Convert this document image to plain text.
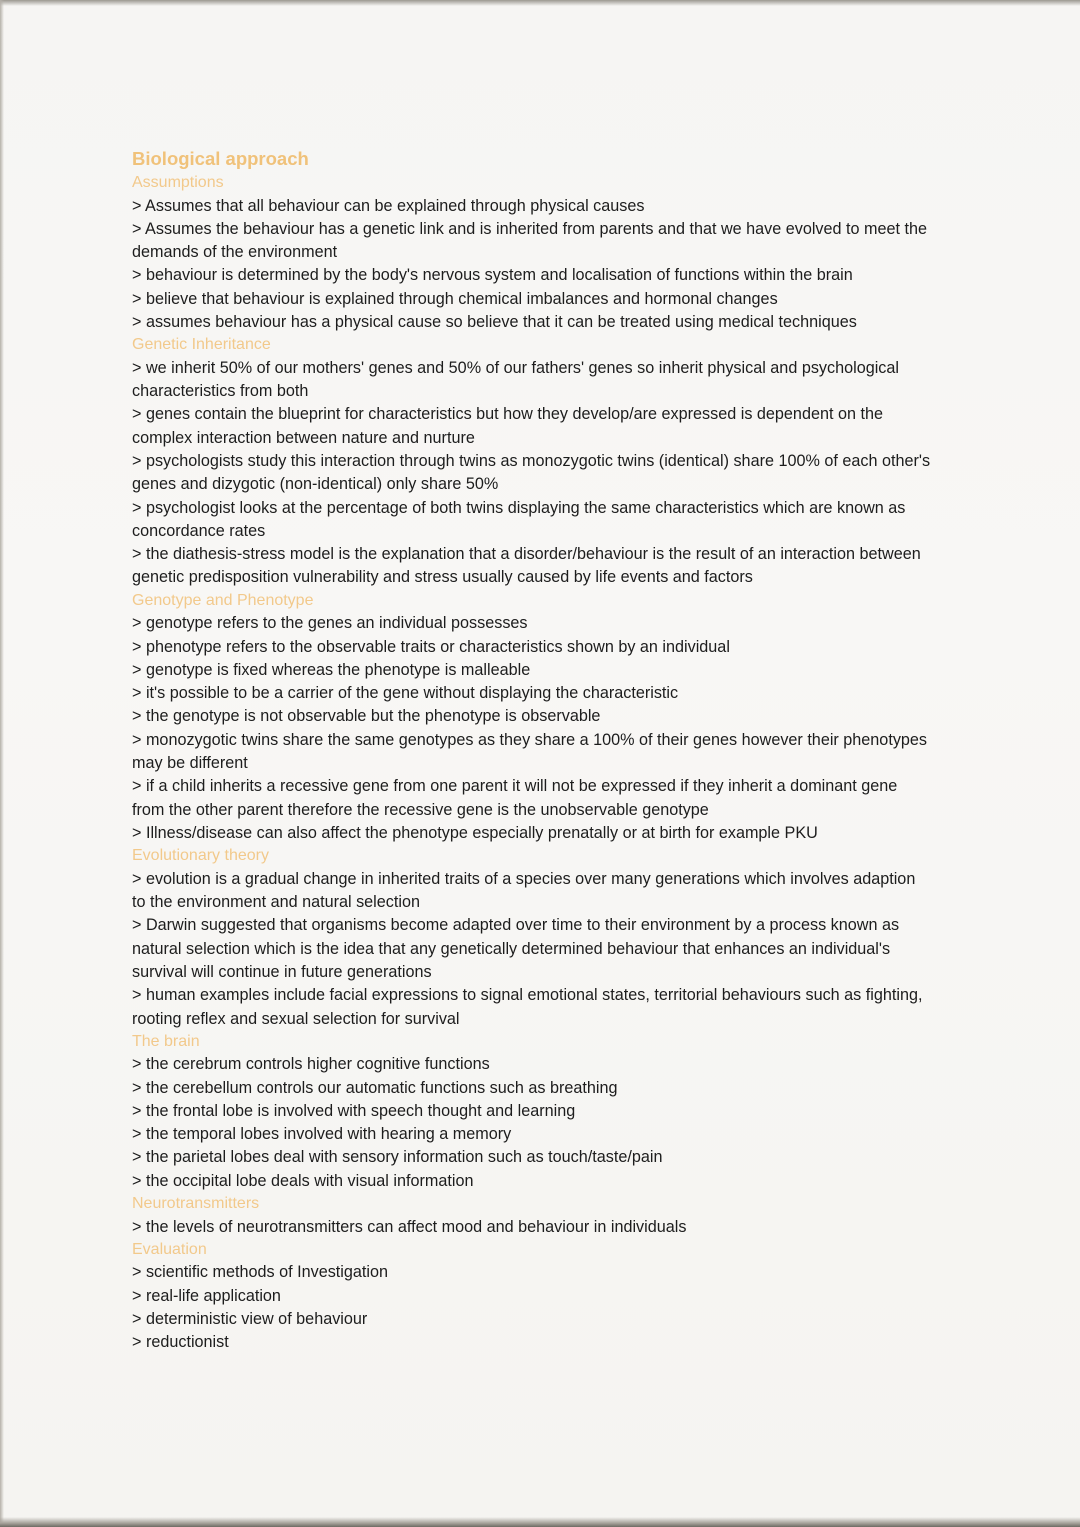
Biological approach
Assumptions

> Assumes that all behaviour can be explained through physical causes

> Assumes the behaviour has a genetic link and is inherited from parents and that we have evolved to meet the demands of the environment

> behaviour is determined by the body's nervous system and localisation of functions within the brain

> believe that behaviour is explained through chemical imbalances and hormonal changes

> assumes behaviour has a physical cause so believe that it can be treated using medical techniques

Genetic Inheritance

> we inherit 50% of our mothers' genes and 50% of our fathers' genes so inherit physical and psychological characteristics from both

> genes contain the blueprint for characteristics but how they develop/are expressed is dependent on the complex interaction between nature and nurture

> psychologists study this interaction through twins as monozygotic twins (identical) share 100% of each other's genes and dizygotic (non-identical) only share 50%

> psychologist looks at the percentage of both twins displaying the same characteristics which are known as concordance rates

> the diathesis-stress model is the explanation that a disorder/behaviour is the result of an interaction between genetic predisposition vulnerability and stress usually caused by life events and factors

Genotype and Phenotype

> genotype refers to the genes an individual possesses

> phenotype refers to the observable traits or characteristics shown by an individual

> genotype is fixed whereas the phenotype is malleable

> it's possible to be a carrier of the gene without displaying the characteristic

> the genotype is not observable but the phenotype is observable

> monozygotic twins share the same genotypes as they share a 100% of their genes however their phenotypes may be different

> if a child inherits a recessive gene from one parent it will not be expressed if they inherit a dominant gene from the other parent therefore the recessive gene is the unobservable genotype

> Illness/disease can also affect the phenotype especially prenatally or at birth for example PKU

Evolutionary theory

> evolution is a gradual change in inherited traits of a species over many generations which involves adaption to the environment and natural selection

> Darwin suggested that organisms become adapted over time to their environment by a process known as natural selection which is the idea that any genetically determined behaviour that enhances an individual's survival will continue in future generations

> human examples include facial expressions to signal emotional states, territorial behaviours such as fighting, rooting reflex and sexual selection for survival

The brain

> the cerebrum controls higher cognitive functions

> the cerebellum controls our automatic functions such as breathing

> the frontal lobe is involved with speech thought and learning

> the temporal lobes involved with hearing a memory

> the parietal lobes deal with sensory information such as touch/taste/pain

> the occipital lobe deals with visual information

Neurotransmitters

> the levels of neurotransmitters can affect mood and behaviour in individuals

Evaluation

> scientific methods of Investigation

> real-life application

> deterministic view of behaviour

> reductionist
